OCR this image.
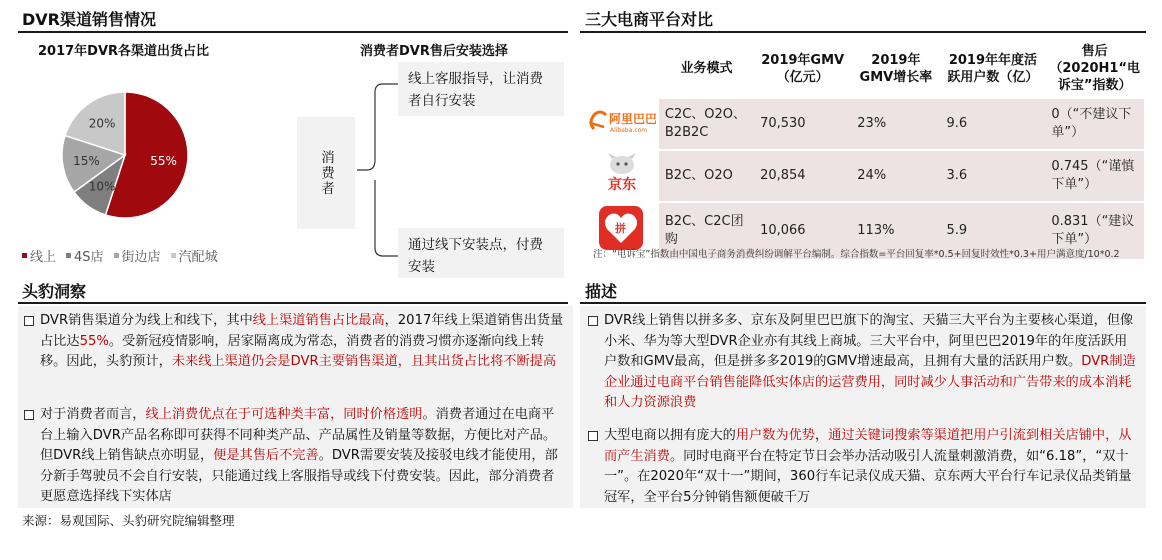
DVR渠道销售情况
2017年DVR各渠道出货占比	消费者DVR售后安装选择
55%
10%
15%
20%
线上 4S店 街边店 汽配城
消费者
线上客服指导，让消费者自行安装
通过线下安装点，付费安装
三大电商平台对比
	业务模式	2019年GMV（亿元）	2019年GMV增长率	2019年年度活跃用户数（亿）	售后（2020H1“电诉宝”指数）

阿里巴巴
Alibaba.com	C2C、O2O、B2B2C	70,530	23%	9.6	0（“不建议下单”）

京东	B2C、O2O	20,854	24%	3.6	0.745（“谨慎下单”）

拼	B2C、C2C团购	10,066	113%	5.9	0.831（“建议下单”）
注：“电诉宝”指数由中国电子商务消费纠纷调解平台编制。综合指数=平台回复率*0.5+回复时效性*0.3+用户满意度/10*0.2
头豹洞察
DVR销售渠道分为线上和线下，其中线上渠道销售占比最高，2017年线上渠道销售出货量占比达55%。受新冠疫情影响，居家隔离成为常态，消费者的消费习惯亦逐渐向线上转移。因此，头豹预计，未来线上渠道仍会是DVR主要销售渠道，且其出货占比将不断提高
对于消费者而言，线上消费优点在于可选种类丰富，同时价格透明。消费者通过在电商平台上输入DVR产品名称即可获得不同种类产品、产品属性及销量等数据，方便比对产品。但DVR线上销售缺点亦明显，便是其售后不完善。DVR需要安装及接驳电线才能使用，部分新手驾驶员不会自行安装，只能通过线上客服指导或线下付费安装。因此，部分消费者更愿意选择线下实体店
描述
DVR线上销售以拼多多、京东及阿里巴巴旗下的淘宝、天猫三大平台为主要核心渠道，但像小米、华为等大型DVR企业亦有其线上商城。三大平台中，阿里巴巴2019年的年度活跃用户数和GMV最高，但是拼多多2019的GMV增速最高，且拥有大量的活跃用户数。DVR制造企业通过电商平台销售能降低实体店的运营费用，同时减少人事活动和广告带来的成本消耗和人力资源浪费
大型电商以拥有庞大的用户数为优势，通过关键词搜索等渠道把用户引流到相关店铺中，从而产生消费。同时电商平台在特定节日会举办活动吸引人流量刺激消费，如“6.18”，“双十一”。在2020年“双十一”期间，360行车记录仪成天猫、京东两大平台行车记录仪品类销量冠军，全平台5分钟销售额便破千万
来源：易观国际、头豹研究院编辑整理
